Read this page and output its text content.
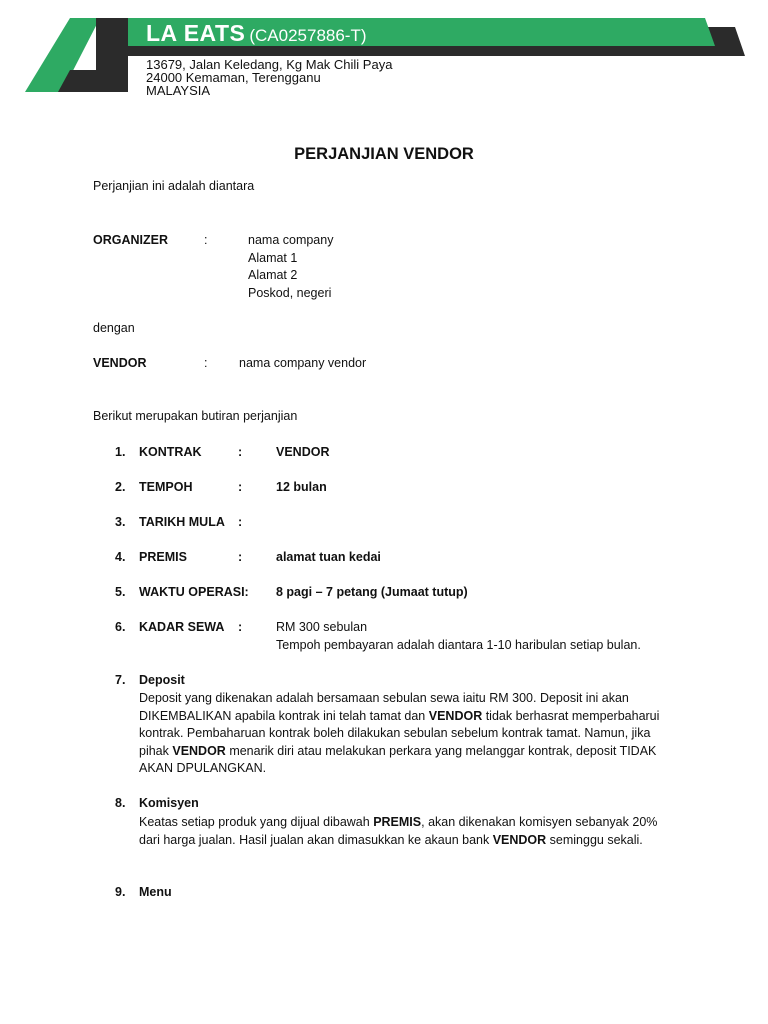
LA EATS (CA0257886-T)
13679, Jalan Keledang, Kg Mak Chili Paya
24000 Kemaman, Terengganu
MALAYSIA
PERJANJIAN VENDOR
Perjanjian ini adalah diantara
ORGANIZER	:	nama company
Alamat 1
Alamat 2
Poskod, negeri
dengan
VENDOR	:	nama company vendor
Berikut merupakan butiran perjanjian
1. KONTRAK	:	VENDOR
2. TEMPOH	:	12 bulan
3. TARIKH MULA :
4. PREMIS	:	alamat tuan kedai
5. WAKTU OPERASI: 8 pagi – 7 petang (Jumaat tutup)
6. KADAR SEWA :	RM 300 sebulan
Tempoh pembayaran adalah diantara 1-10 haribulan setiap bulan.
7. Deposit
Deposit yang dikenakan adalah bersamaan sebulan sewa iaitu RM 300. Deposit ini akan DIKEMBALIKAN apabila kontrak ini telah tamat dan VENDOR tidak berhasrat memperbaharui kontrak. Pembaharuan kontrak boleh dilakukan sebulan sebelum kontrak tamat. Namun, jika pihak VENDOR menarik diri atau melakukan perkara yang melanggar kontrak, deposit TIDAK AKAN DPULANGKAN.
8. Komisyen
Keatas setiap produk yang dijual dibawah PREMIS, akan dikenakan komisyen sebanyak 20% dari harga jualan. Hasil jualan akan dimasukkan ke akaun bank VENDOR seminggu sekali.
9. Menu
